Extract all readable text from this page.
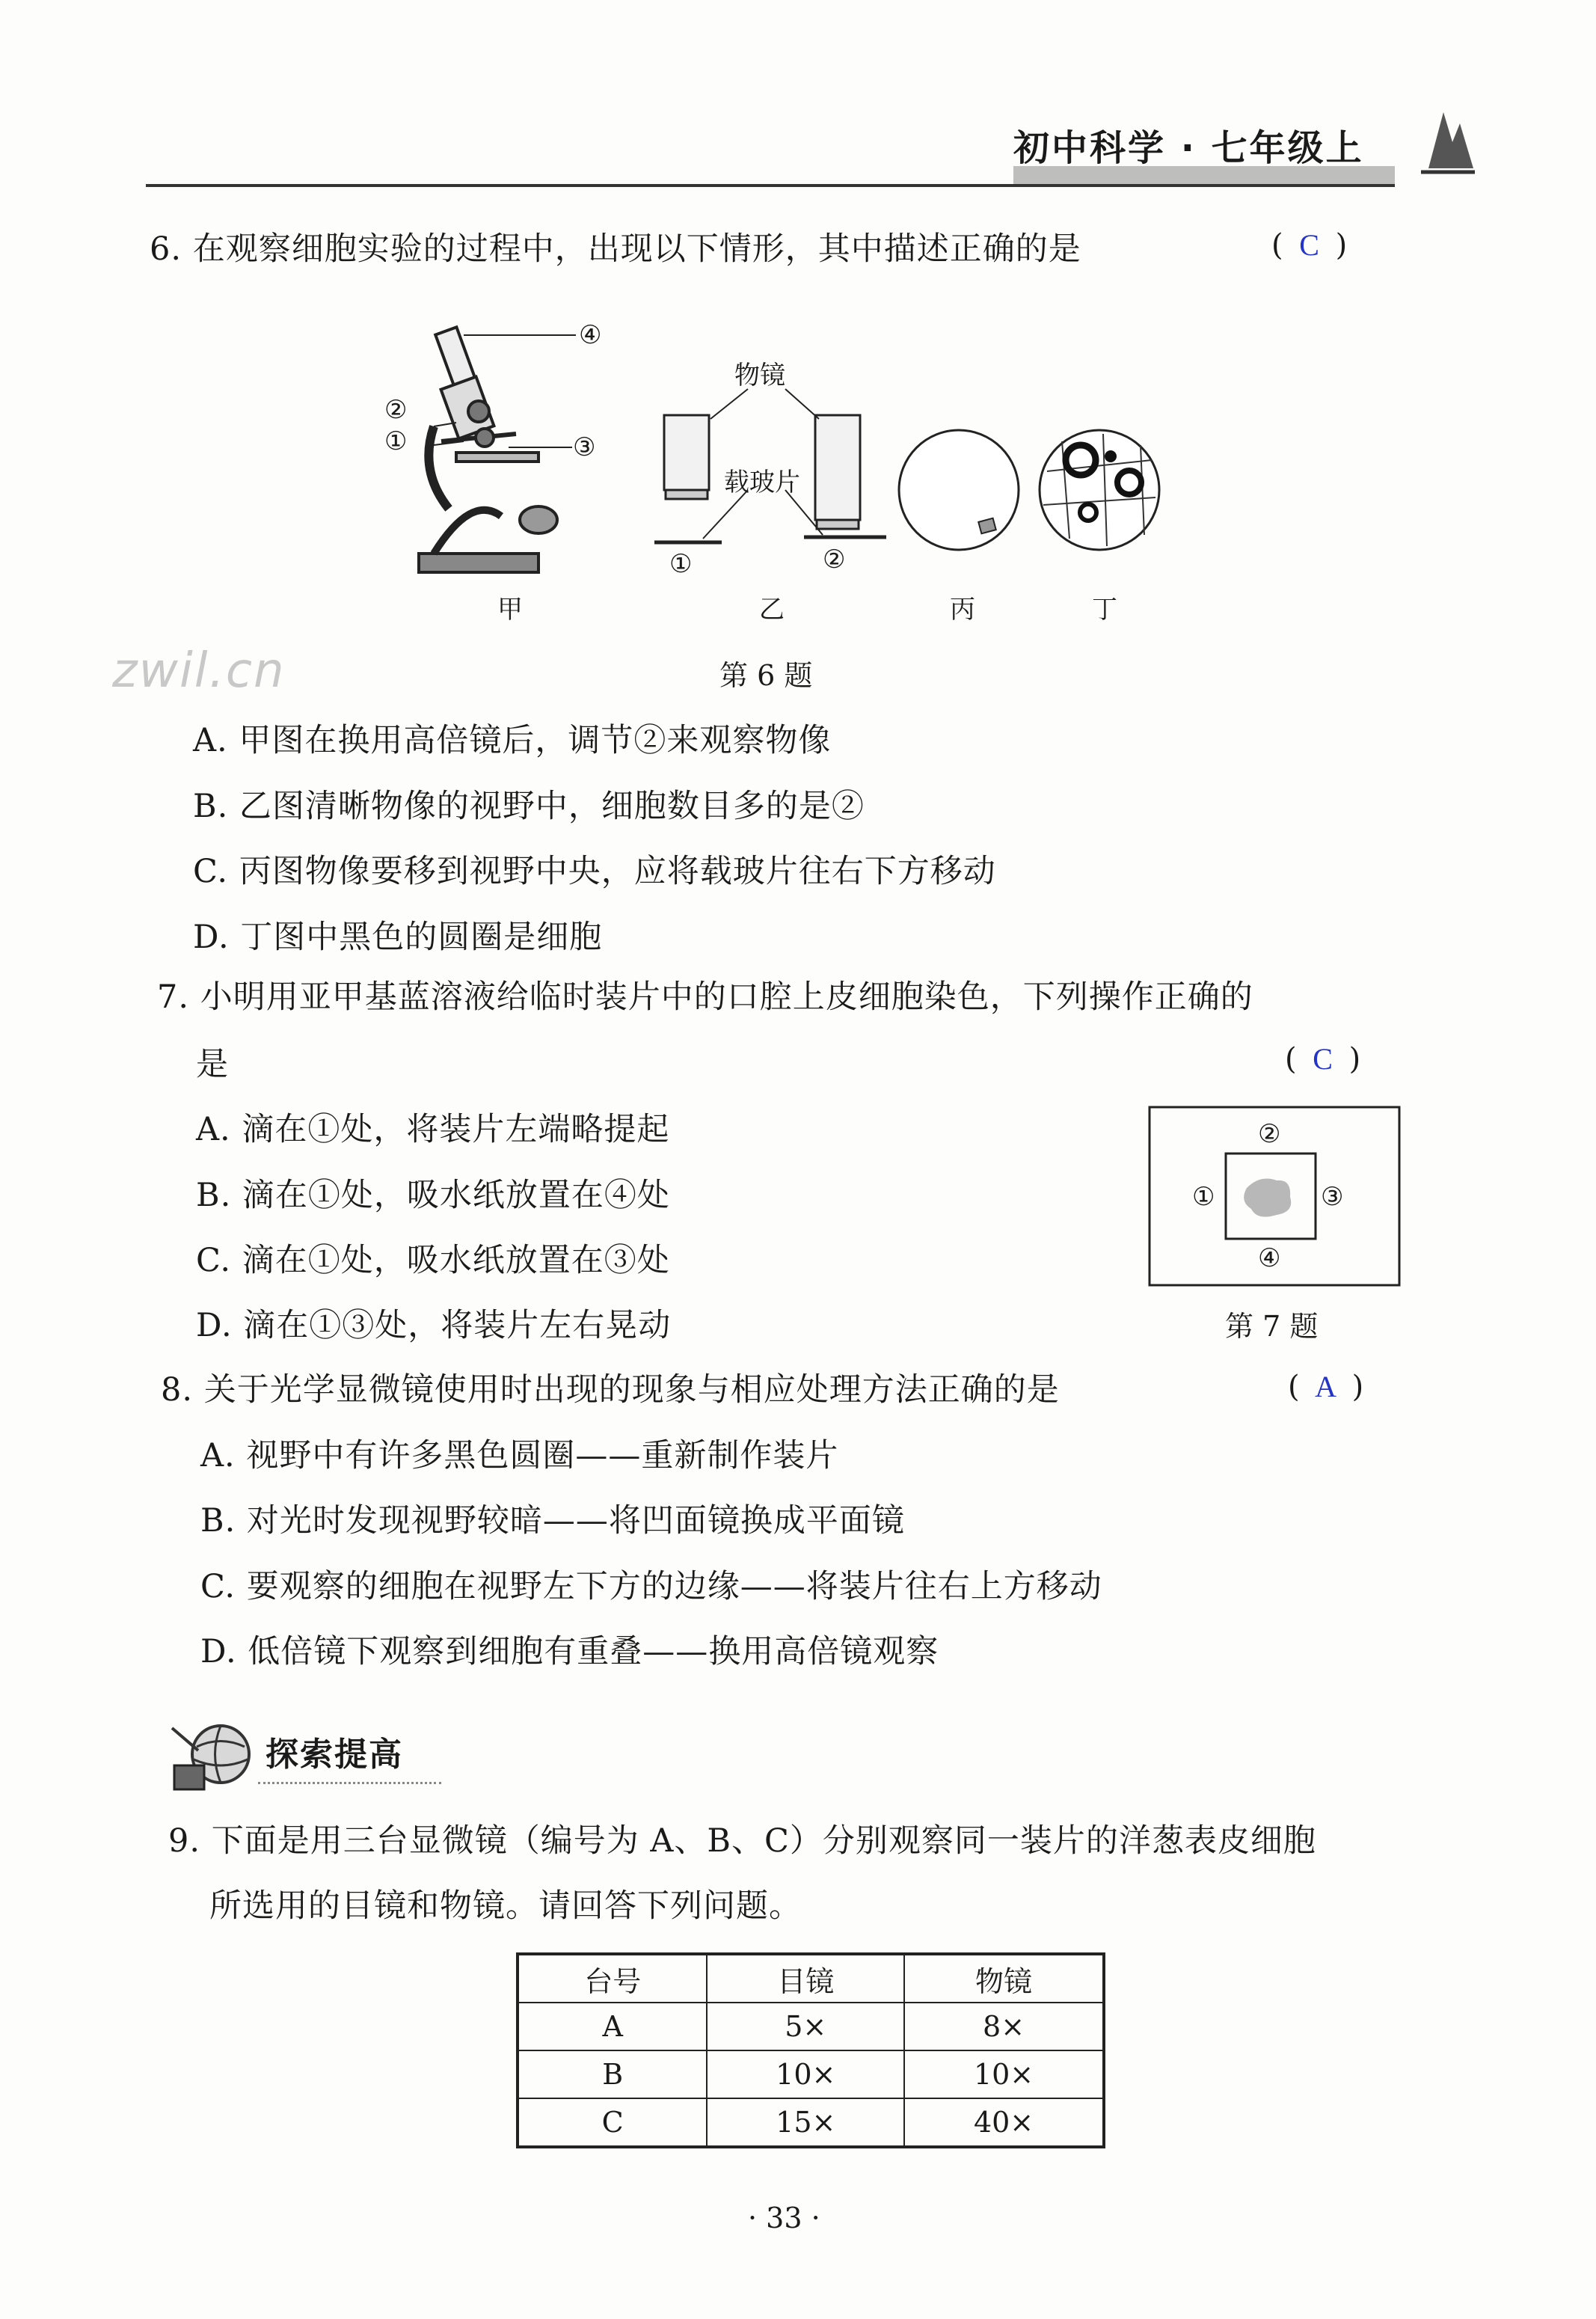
初中科学 · 七年级上
zwil.cn
6. 在观察细胞实验的过程中，出现以下情形，其中描述正确的是	( C )
④
②
①	③
物镜
载玻片
①	②
甲	乙	丙	丁
第 6 题
A. 甲图在换用高倍镜后，调节②来观察物像
B. 乙图清晰物像的视野中，细胞数目多的是②
C. 丙图物像要移到视野中央，应将载玻片往右下方移动
D. 丁图中黑色的圆圈是细胞
7. 小明用亚甲基蓝溶液给临时装片中的口腔上皮细胞染色，下列操作正确的
是	( C )
A. 滴在①处，将装片左端略提起
B. 滴在①处，吸水纸放置在④处
C. 滴在①处，吸水纸放置在③处
D. 滴在①③处，将装片左右晃动
②
①	③
④
第 7 题
8. 关于光学显微镜使用时出现的现象与相应处理方法正确的是	( A )
A. 视野中有许多黑色圆圈——重新制作装片
B. 对光时发现视野较暗——将凹面镜换成平面镜
C. 要观察的细胞在视野左下方的边缘——将装片往右上方移动
D. 低倍镜下观察到细胞有重叠——换用高倍镜观察
探索提高
9. 下面是用三台显微镜（编号为 A、B、C）分别观察同一装片的洋葱表皮细胞
所选用的目镜和物镜。请回答下列问题。
台号	目镜	物镜
A	5×	8×
B	10×	10×
C	15×	40×
· 33 ·
